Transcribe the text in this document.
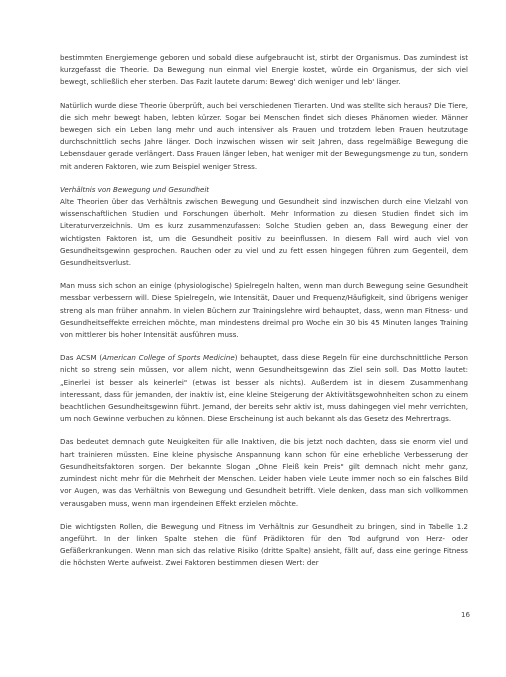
bestimmten Energiemenge geboren und sobald diese aufgebraucht ist, stirbt der Organismus. Das zumindest ist kurzgefasst die Theorie. Da Bewegung nun einmal viel Energie kostet, würde ein Organismus, der sich viel bewegt, schließlich eher sterben. Das Fazit lautete darum: Beweg' dich weniger und leb' länger.

Natürlich wurde diese Theorie überprüft, auch bei verschiedenen Tierarten. Und was stellte sich heraus? Die Tiere, die sich mehr bewegt haben, lebten kürzer. Sogar bei Menschen findet sich dieses Phänomen wieder. Männer bewegen sich ein Leben lang mehr und auch intensiver als Frauen und trotzdem leben Frauen heutzutage durchschnittlich sechs Jahre länger. Doch inzwischen wissen wir seit Jahren, dass regelmäßige Bewegung die Lebensdauer gerade verlängert. Dass Frauen länger leben, hat weniger mit der Bewegungsmenge zu tun, sondern mit anderen Faktoren, wie zum Beispiel weniger Stress.

Verhältnis von Bewegung und Gesundheit

Alte Theorien über das Verhältnis zwischen Bewegung und Gesundheit sind inzwischen durch eine Vielzahl von wissenschaftlichen Studien und Forschungen überholt. Mehr Information zu diesen Studien findet sich im Literaturverzeichnis. Um es kurz zusammenzufassen: Solche Studien geben an, dass Bewegung einer der wichtigsten Faktoren ist, um die Gesundheit positiv zu beeinflussen. In diesem Fall wird auch viel von Gesundheitsgewinn gesprochen. Rauchen oder zu viel und zu fett essen hingegen führen zum Gegenteil, dem Gesundheitsverlust.

Man muss sich schon an einige (physiologische) Spielregeln halten, wenn man durch Bewegung seine Gesundheit messbar verbessern will. Diese Spielregeln, wie Intensität, Dauer und Frequenz/Häufigkeit, sind übrigens weniger streng als man früher annahm. In vielen Büchern zur Trainingslehre wird behauptet, dass, wenn man Fitness- und Gesundheitseffekte erreichen möchte, man mindestens dreimal pro Woche ein 30 bis 45 Minuten langes Training von mittlerer bis hoher Intensität ausführen muss.

Das ACSM (American College of Sports Medicine) behauptet, dass diese Regeln für eine durchschnittliche Person nicht so streng sein müssen, vor allem nicht, wenn Gesundheitsgewinn das Ziel sein soll. Das Motto lautet: „Einerlei ist besser als keinerlei" (etwas ist besser als nichts). Außerdem ist in diesem Zusammenhang interessant, dass für jemanden, der inaktiv ist, eine kleine Steigerung der Aktivitätsgewohnheiten schon zu einem beachtlichen Gesundheitsgewinn führt. Jemand, der bereits sehr aktiv ist, muss dahingegen viel mehr verrichten, um noch Gewinne verbuchen zu können. Diese Erscheinung ist auch bekannt als das Gesetz des Mehrertrags.

Das bedeutet demnach gute Neuigkeiten für alle Inaktiven, die bis jetzt noch dachten, dass sie enorm viel und hart trainieren müssten. Eine kleine physische Anspannung kann schon für eine erhebliche Verbesserung der Gesundheitsfaktoren sorgen. Der bekannte Slogan „Ohne Fleiß kein Preis" gilt demnach nicht mehr ganz, zumindest nicht mehr für die Mehrheit der Menschen. Leider haben viele Leute immer noch so ein falsches Bild vor Augen, was das Verhältnis von Bewegung und Gesundheit betrifft. Viele denken, dass man sich vollkommen verausgaben muss, wenn man irgendeinen Effekt erzielen möchte.

Die wichtigsten Rollen, die Bewegung und Fitness im Verhältnis zur Gesundheit zu bringen, sind in Tabelle 1.2 angeführt. In der linken Spalte stehen die fünf Prädiktoren für den Tod aufgrund von Herz- oder Gefäßerkrankungen. Wenn man sich das relative Risiko (dritte Spalte) ansieht, fällt auf, dass eine geringe Fitness die höchsten Werte aufweist. Zwei Faktoren bestimmen diesen Wert: der

16
